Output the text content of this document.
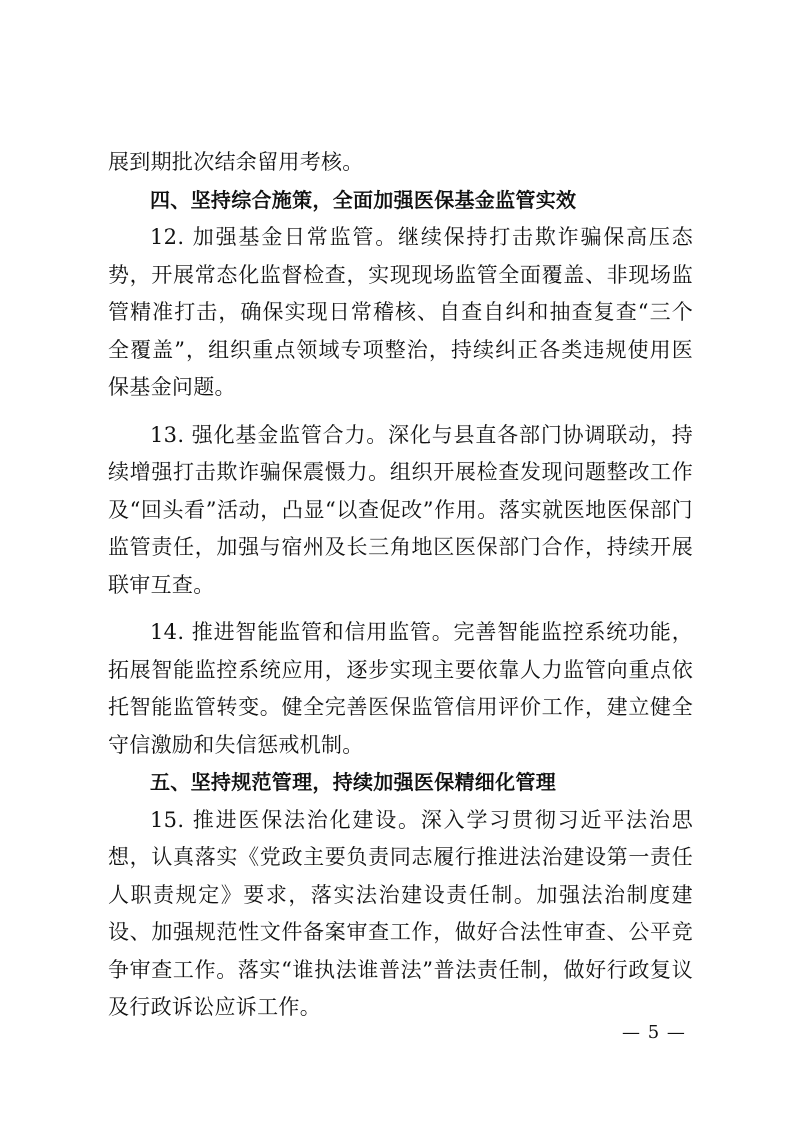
展到期批次结余留用考核。

四、坚持综合施策，全面加强医保基金监管实效

12. 加强基金日常监管。继续保持打击欺诈骗保高压态势，开展常态化监督检查，实现现场监管全面覆盖、非现场监管精准打击，确保实现日常稽核、自查自纠和抽查复查“三个全覆盖”，组织重点领域专项整治，持续纠正各类违规使用医保基金问题。

13. 强化基金监管合力。深化与县直各部门协调联动，持续增强打击欺诈骗保震慑力。组织开展检查发现问题整改工作及“回头看”活动，凸显“以查促改”作用。落实就医地医保部门监管责任，加强与宿州及长三角地区医保部门合作，持续开展联审互查。

14. 推进智能监管和信用监管。完善智能监控系统功能，拓展智能监控系统应用，逐步实现主要依靠人力监管向重点依托智能监管转变。健全完善医保监管信用评价工作，建立健全守信激励和失信惩戒机制。

五、坚持规范管理，持续加强医保精细化管理

15. 推进医保法治化建设。深入学习贯彻习近平法治思想，认真落实《党政主要负责同志履行推进法治建设第一责任人职责规定》要求，落实法治建设责任制。加强法治制度建设、加强规范性文件备案审查工作，做好合法性审查、公平竞争审查工作。落实“谁执法谁普法”普法责任制，做好行政复议及行政诉讼应诉工作。

— 5 —
